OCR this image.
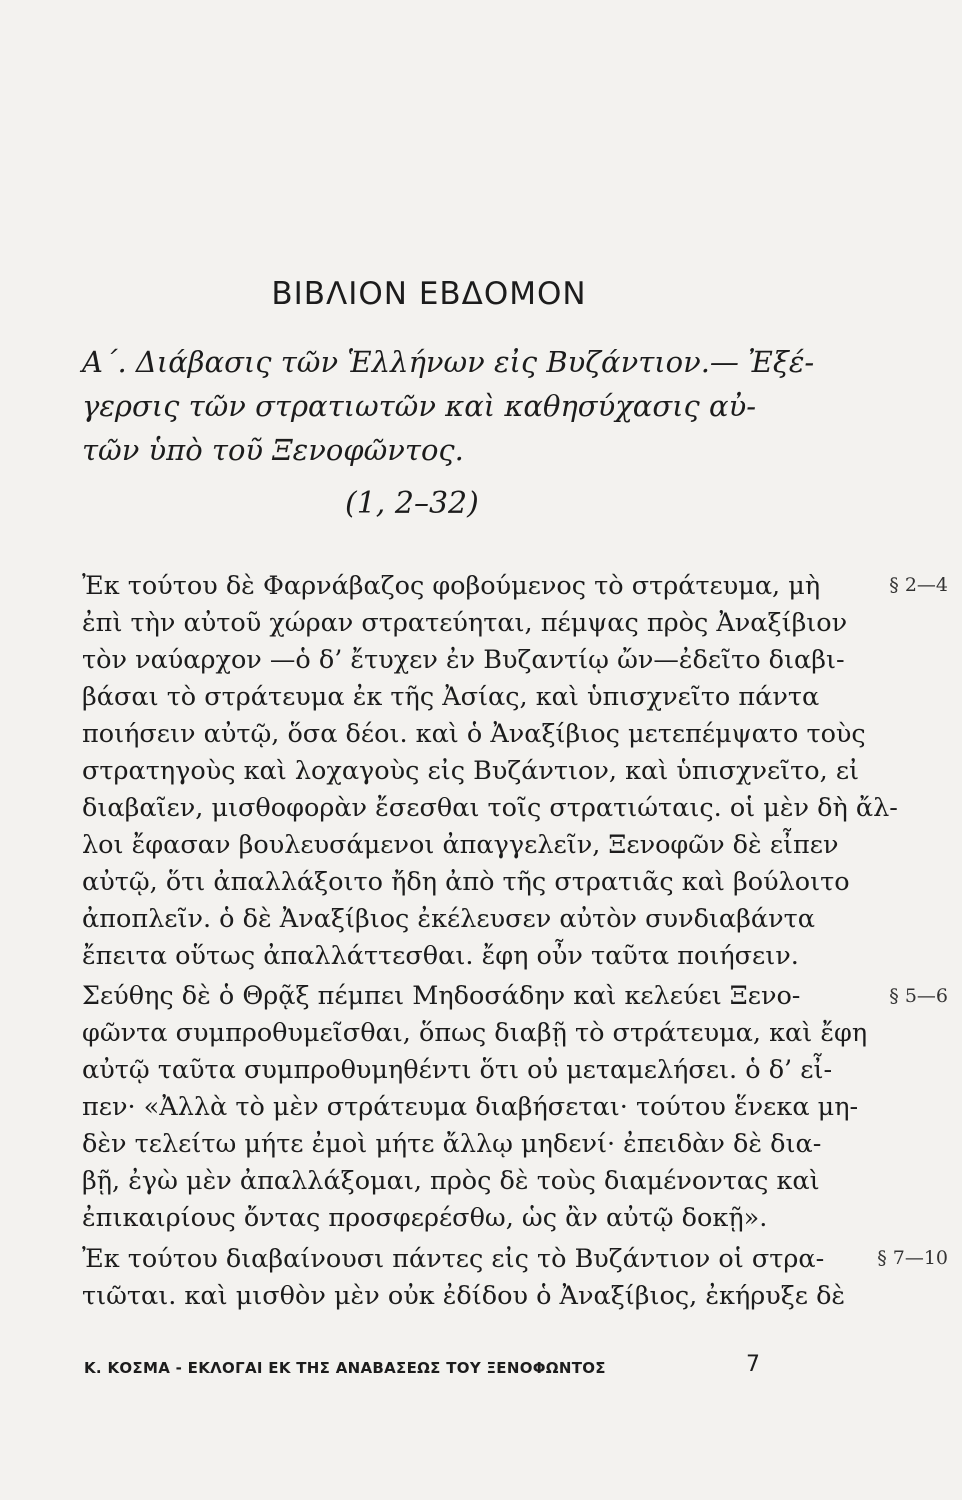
ΒΙΒΛΙΟΝ ΕΒΔΟΜΟΝ
Α΄. Διάβασις τῶν Ἑλλήνων εἰς Βυζάντιον.— Ἐξέ-
γερσις τῶν στρατιωτῶν καὶ καθησύχασις αὐ-
τῶν ὑπὸ τοῦ Ξενοφῶντος.
(1, 2–32)
Ἐκ τούτου δὲ Φαρνάβαζος φοβούμενος τὸ στράτευμα, μὴ	§ 2—4
ἐπὶ τὴν αὐτοῦ χώραν στρατεύηται, πέμψας πρὸς Ἀναξίβιον
τὸν ναύαρχον —ὁ δ’ ἔτυχεν ἐν Βυζαντίῳ ὤν—ἐδεῖτο διαβι-
βάσαι τὸ στράτευμα ἐκ τῆς Ἀσίας, καὶ ὑπισχνεῖτο πάντα
ποιήσειν αὐτῷ, ὅσα δέοι. καὶ ὁ Ἀναξίβιος μετεπέμψατο τοὺς
στρατηγοὺς καὶ λοχαγοὺς εἰς Βυζάντιον, καὶ ὑπισχνεῖτο, εἰ
διαβαῖεν, μισθοφορὰν ἔσεσθαι τοῖς στρατιώταις. οἱ μὲν δὴ ἄλ-
λοι ἔφασαν βουλευσάμενοι ἀπαγγελεῖν, Ξενοφῶν δὲ εἶπεν
αὐτῷ, ὅτι ἀπαλλάξοιτο ἤδη ἀπὸ τῆς στρατιᾶς καὶ βούλοιτο
ἀποπλεῖν. ὁ δὲ Ἀναξίβιος ἐκέλευσεν αὐτὸν συνδιαβάντα
ἔπειτα οὕτως ἀπαλλάττεσθαι. ἔφη οὖν ταῦτα ποιήσειν.
Σεύθης δὲ ὁ Θρᾷξ πέμπει Μηδοσάδην καὶ κελεύει Ξενο-	§ 5—6
φῶντα συμπροθυμεῖσθαι, ὅπως διαβῇ τὸ στράτευμα, καὶ ἔφη
αὐτῷ ταῦτα συμπροθυμηθέντι ὅτι οὐ μεταμελήσει. ὁ δ’ εἶ-
πεν· «Ἀλλὰ τὸ μὲν στράτευμα διαβήσεται· τούτου ἕνεκα μη-
δὲν τελείτω μήτε ἐμοὶ μήτε ἄλλῳ μηδενί· ἐπειδὰν δὲ δια-
βῇ, ἐγὼ μὲν ἀπαλλάξομαι, πρὸς δὲ τοὺς διαμένοντας καὶ
ἐπικαιρίους ὄντας προσφερέσθω, ὡς ἂν αὐτῷ δοκῇ».
Ἐκ τούτου διαβαίνουσι πάντες εἰς τὸ Βυζάντιον οἱ στρα-	§ 7—10
τιῶται. καὶ μισθὸν μὲν οὐκ ἐδίδου ὁ Ἀναξίβιος, ἐκήρυξε δὲ
Κ. ΚΟΣΜΑ - ΕΚΛΟΓΑΙ ΕΚ ΤΗΣ ΑΝΑΒΑΣΕΩΣ ΤΟΥ ΞΕΝΟΦΩΝΤΟΣ	7
